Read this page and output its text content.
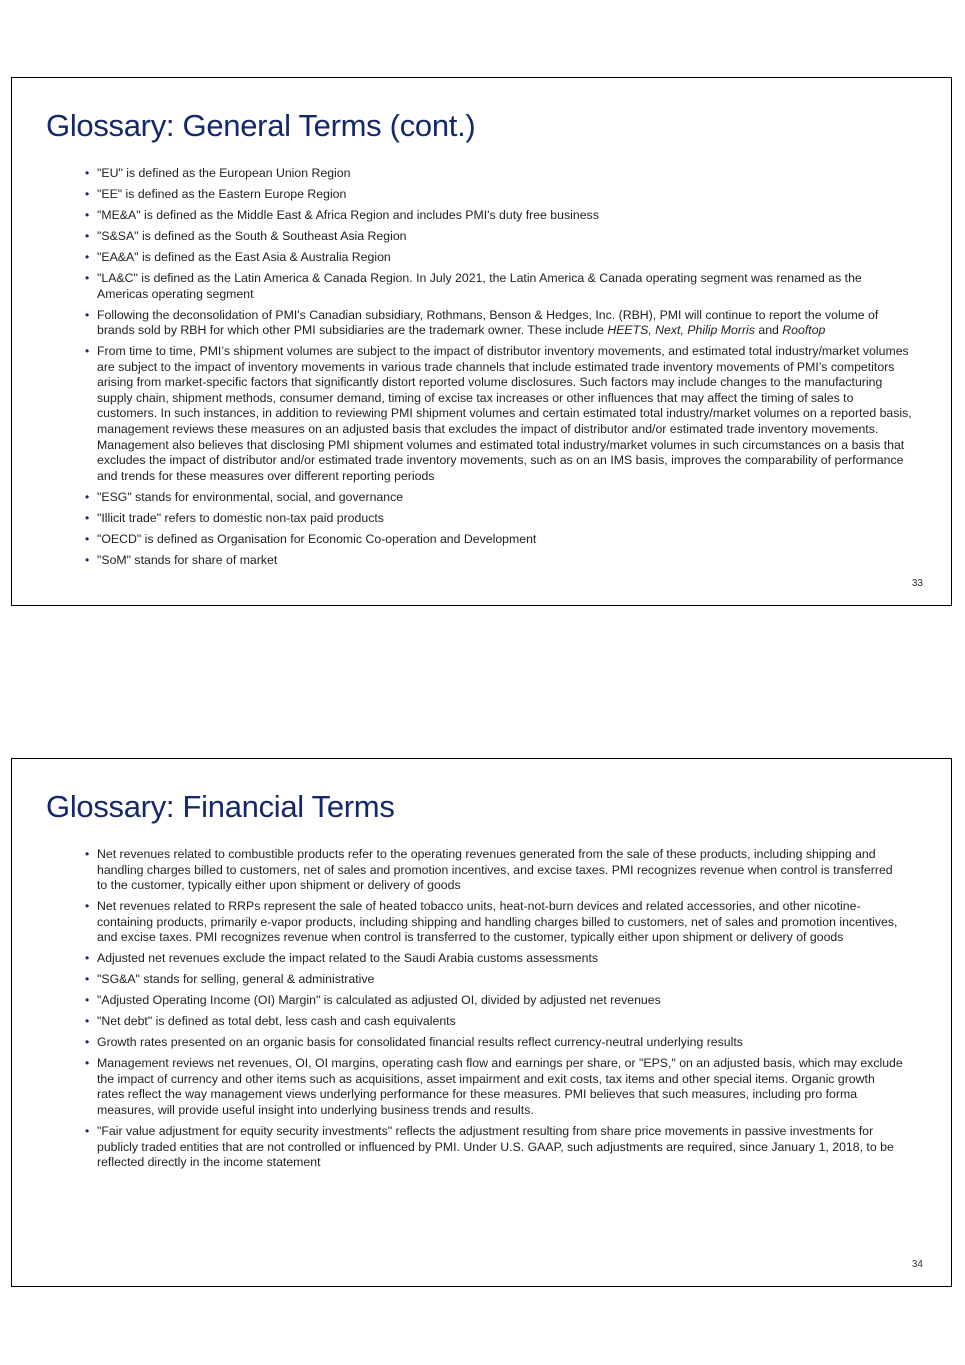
Glossary: General Terms (cont.)
• "EU" is defined as the European Union Region
• "EE" is defined as the Eastern Europe Region
• "ME&A" is defined as the Middle East & Africa Region and includes PMI's duty free business
• "S&SA" is defined as the South & Southeast Asia Region
• "EA&A" is defined as the East Asia & Australia Region
• "LA&C" is defined as the Latin America & Canada Region. In July 2021, the Latin America & Canada operating segment was renamed as the Americas operating segment
• Following the deconsolidation of PMI's Canadian subsidiary, Rothmans, Benson & Hedges, Inc. (RBH), PMI will continue to report the volume of brands sold by RBH for which other PMI subsidiaries are the trademark owner. These include HEETS, Next, Philip Morris and Rooftop
• From time to time, PMI’s shipment volumes are subject to the impact of distributor inventory movements, and estimated total industry/market volumes are subject to the impact of inventory movements in various trade channels that include estimated trade inventory movements of PMI’s competitors arising from market-specific factors that significantly distort reported volume disclosures. Such factors may include changes to the manufacturing supply chain, shipment methods, consumer demand, timing of excise tax increases or other influences that may affect the timing of sales to customers. In such instances, in addition to reviewing PMI shipment volumes and certain estimated total industry/market volumes on a reported basis, management reviews these measures on an adjusted basis that excludes the impact of distributor and/or estimated trade inventory movements. Management also believes that disclosing PMI shipment volumes and estimated total industry/market volumes in such circumstances on a basis that excludes the impact of distributor and/or estimated trade inventory movements, such as on an IMS basis, improves the comparability of performance and trends for these measures over different reporting periods
• "ESG" stands for environmental, social, and governance
• "Illicit trade" refers to domestic non-tax paid products
• "OECD" is defined as Organisation for Economic Co-operation and Development
• "SoM" stands for share of market
33
Glossary: Financial Terms
• Net revenues related to combustible products refer to the operating revenues generated from the sale of these products, including shipping and handling charges billed to customers, net of sales and promotion incentives, and excise taxes. PMI recognizes revenue when control is transferred to the customer, typically either upon shipment or delivery of goods
• Net revenues related to RRPs represent the sale of heated tobacco units, heat-not-burn devices and related accessories, and other nicotine-containing products, primarily e-vapor products, including shipping and handling charges billed to customers, net of sales and promotion incentives, and excise taxes. PMI recognizes revenue when control is transferred to the customer, typically either upon shipment or delivery of goods
• Adjusted net revenues exclude the impact related to the Saudi Arabia customs assessments
• "SG&A" stands for selling, general & administrative
• "Adjusted Operating Income (OI) Margin" is calculated as adjusted OI, divided by adjusted net revenues
• "Net debt" is defined as total debt, less cash and cash equivalents
• Growth rates presented on an organic basis for consolidated financial results reflect currency-neutral underlying results
• Management reviews net revenues, OI, OI margins, operating cash flow and earnings per share, or "EPS," on an adjusted basis, which may exclude the impact of currency and other items such as acquisitions, asset impairment and exit costs, tax items and other special items. Organic growth rates reflect the way management views underlying performance for these measures. PMI believes that such measures, including pro forma measures, will provide useful insight into underlying business trends and results.
• "Fair value adjustment for equity security investments" reflects the adjustment resulting from share price movements in passive investments for publicly traded entities that are not controlled or influenced by PMI. Under U.S. GAAP, such adjustments are required, since January 1, 2018, to be reflected directly in the income statement
34
